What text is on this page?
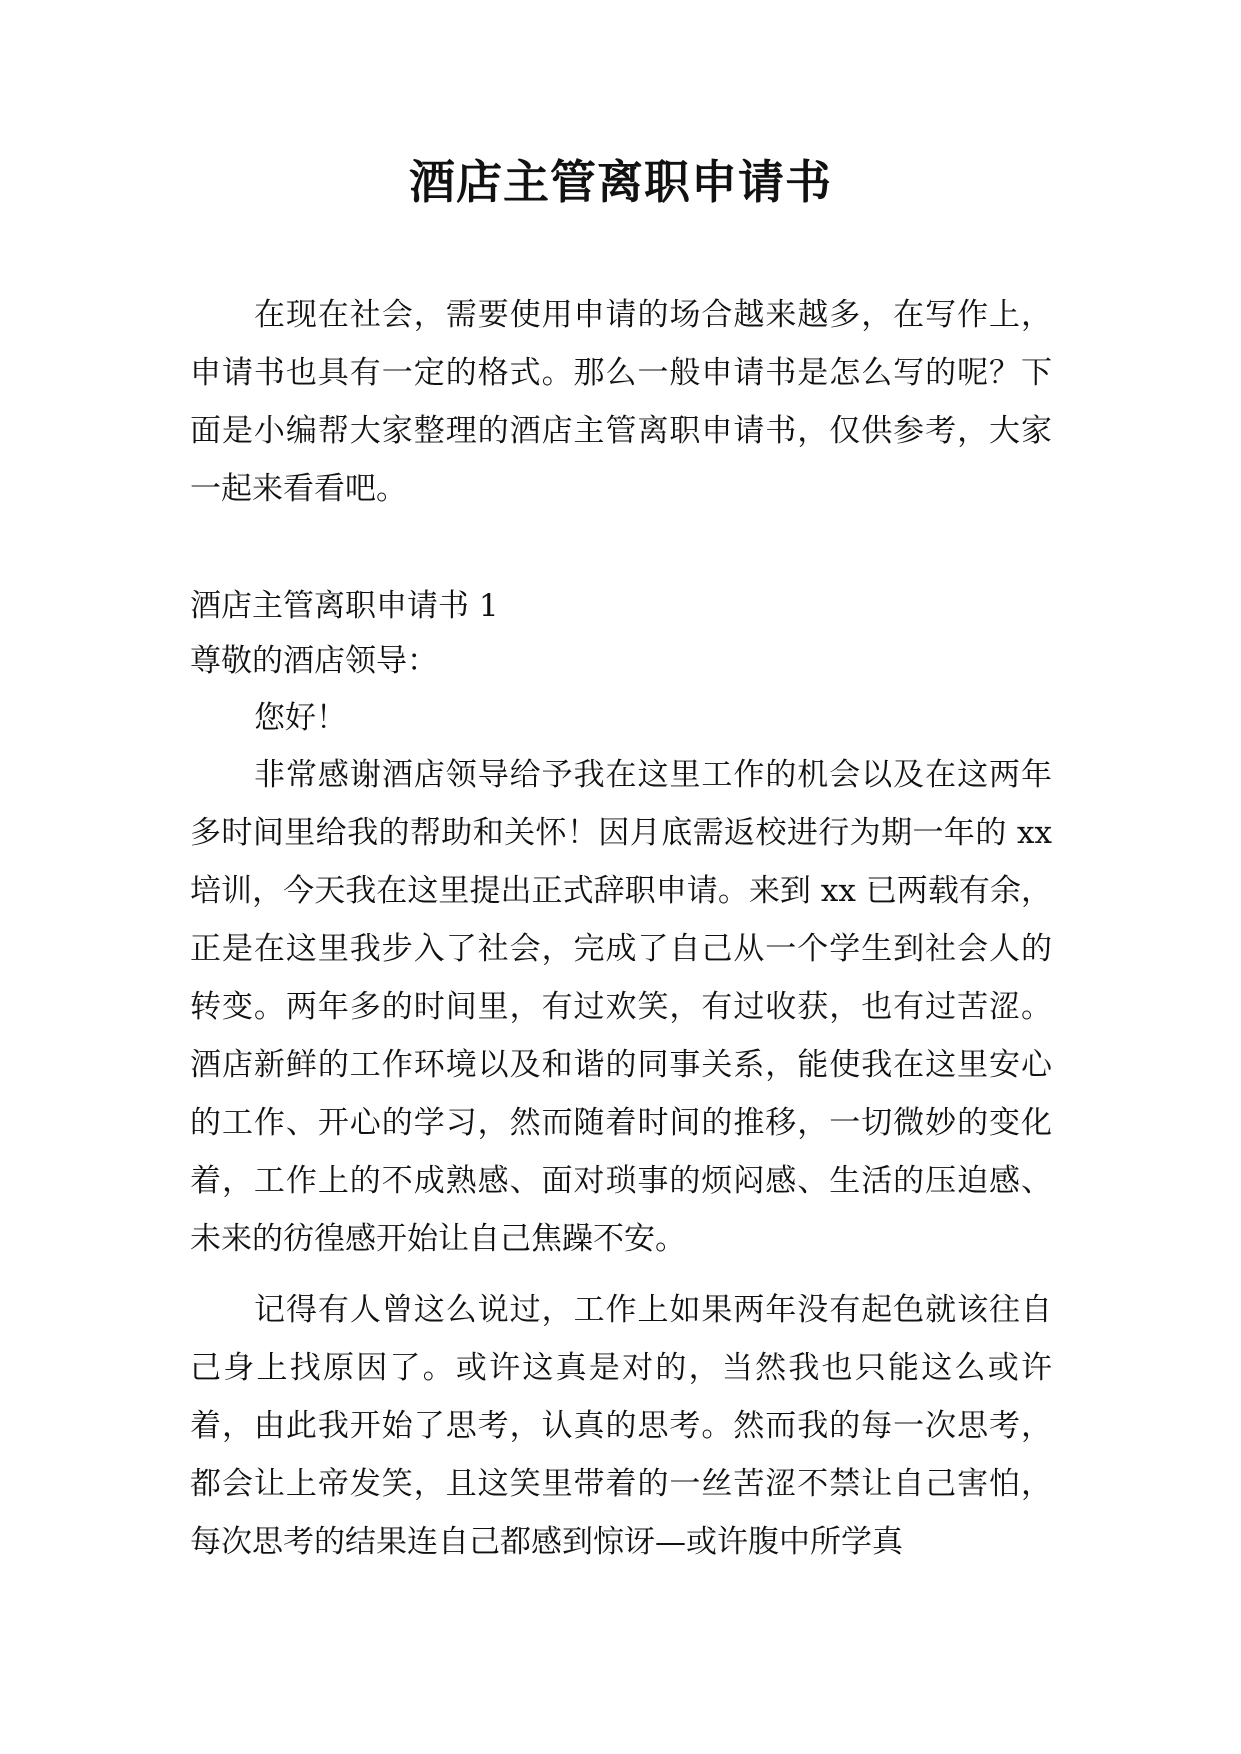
酒店主管离职申请书

在现在社会，需要使用申请的场合越来越多，在写作上，申请书也具有一定的格式。那么一般申请书是怎么写的呢？下面是小编帮大家整理的酒店主管离职申请书，仅供参考，大家一起来看看吧。

酒店主管离职申请书 1

尊敬的酒店领导：

您好！

非常感谢酒店领导给予我在这里工作的机会以及在这两年多时间里给我的帮助和关怀！因月底需返校进行为期一年的 xx 培训，今天我在这里提出正式辞职申请。来到 xx 已两载有余，正是在这里我步入了社会，完成了自己从一个学生到社会人的转变。两年多的时间里，有过欢笑，有过收获，也有过苦涩。酒店新鲜的工作环境以及和谐的同事关系，能使我在这里安心的工作、开心的学习，然而随着时间的推移，一切微妙的变化着，工作上的不成熟感、面对琐事的烦闷感、生活的压迫感、未来的彷徨感开始让自己焦躁不安。

记得有人曾这么说过，工作上如果两年没有起色就该往自己身上找原因了。或许这真是对的，当然我也只能这么或许着，由此我开始了思考，认真的思考。然而我的每一次思考，都会让上帝发笑，且这笑里带着的一丝苦涩不禁让自己害怕，每次思考的结果连自己都感到惊讶—或许腹中所学真
